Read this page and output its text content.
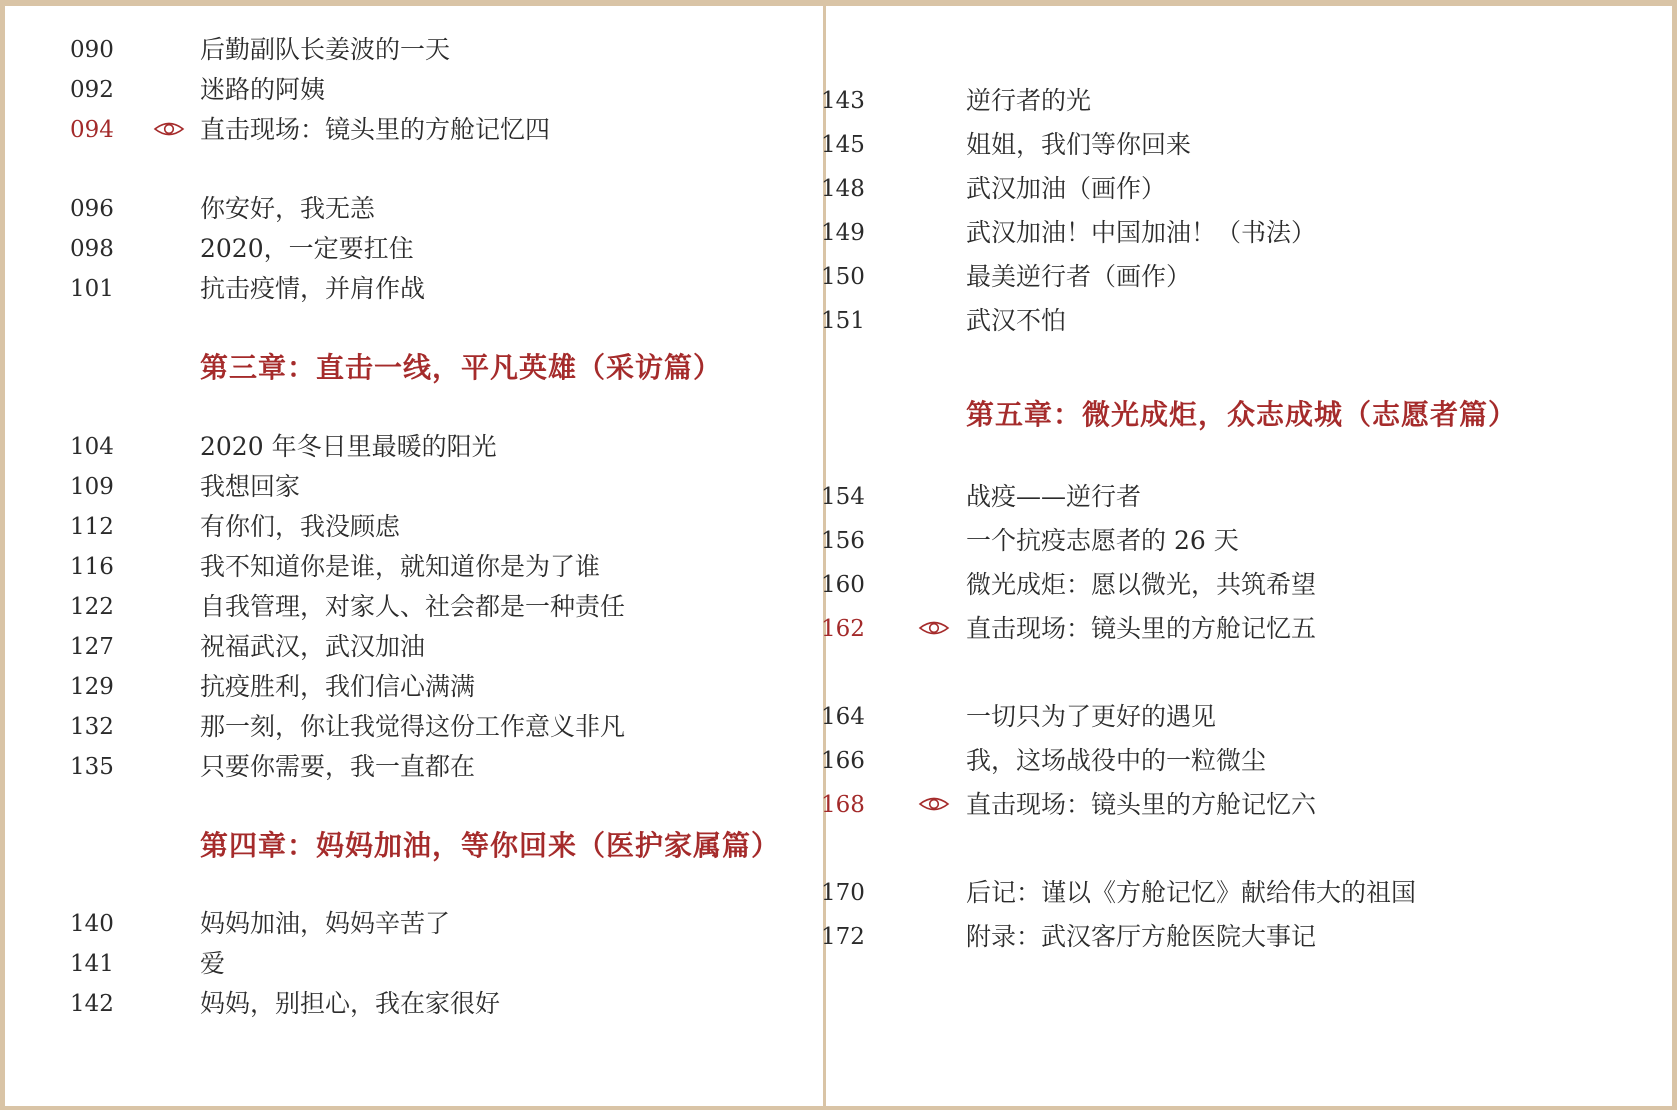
090	后勤副队长姜波的一天
092	迷路的阿姨
094	直击现场：镜头里的方舱记忆四
096	你安好，我无恙
098	2020，一定要扛住
101	抗击疫情，并肩作战
第三章：直击一线，平凡英雄（采访篇）
104	2020 年冬日里最暖的阳光
109	我想回家
112	有你们，我没顾虑
116	我不知道你是谁，就知道你是为了谁
122	自我管理，对家人、社会都是一种责任
127	祝福武汉，武汉加油
129	抗疫胜利，我们信心满满
132	那一刻，你让我觉得这份工作意义非凡
135	只要你需要，我一直都在
第四章：妈妈加油，等你回来（医护家属篇）
140	妈妈加油，妈妈辛苦了
141	爱
142	妈妈，别担心，我在家很好
143	逆行者的光
145	姐姐，我们等你回来
148	武汉加油（画作）
149	武汉加油！中国加油！（书法）
150	最美逆行者（画作）
151	武汉不怕
第五章：微光成炬，众志成城（志愿者篇）
154	战疫——逆行者
156	一个抗疫志愿者的 26 天
160	微光成炬：愿以微光，共筑希望
162	直击现场：镜头里的方舱记忆五
164	一切只为了更好的遇见
166	我，这场战役中的一粒微尘
168	直击现场：镜头里的方舱记忆六
170	后记：谨以《方舱记忆》献给伟大的祖国
172	附录：武汉客厅方舱医院大事记
